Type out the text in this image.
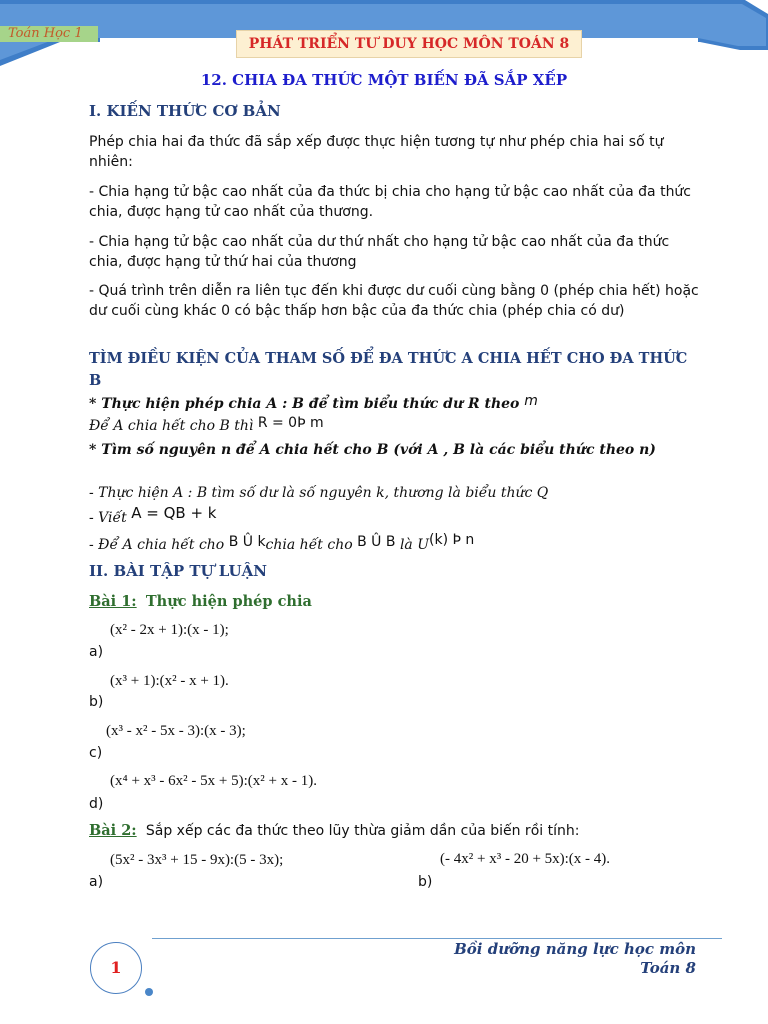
Toán Học 1
PHÁT TRIỂN TƯ DUY HỌC MÔN TOÁN 8
12. CHIA ĐA THỨC MỘT BIẾN ĐÃ SẮP XẾP
I. KIẾN THỨC CƠ BẢN
Phép chia hai đa thức đã sắp xếp được thực hiện tương tự như phép chia hai số tự nhiên:
- Chia hạng tử bậc cao nhất của đa thức bị chia cho hạng tử bậc cao nhất của đa thức chia, được hạng tử cao nhất của thương.
- Chia hạng tử bậc cao nhất của dư thứ nhất cho hạng tử bậc cao nhất của đa thức chia, được hạng tử thứ hai của thương
- Quá trình trên diễn ra liên tục đến khi được dư cuối cùng bằng 0 (phép chia hết) hoặc dư cuối cùng khác 0 có bậc thấp hơn bậc của đa thức chia (phép chia có dư)
TÌM ĐIỀU KIỆN CỦA THAM SỐ ĐỂ ĐA THỨC A CHIA HẾT CHO ĐA THỨC B
* Thực hiện phép chia A : B để tìm biểu thức dư R theo m
Để A chia hết cho B thì R = 0Þ m
* Tìm số nguyên n để A chia hết cho B (với A , B là các biểu thức theo n)
- Thực hiện A : B tìm số dư là số nguyên k, thương là biểu thức Q
- Viết A = QB + k
- Để A chia hết cho B Û kchia hết cho B Û B là U(k) Þ n
II. BÀI TẬP TỰ LUẬN
Bài 1: Thực hiện phép chia
(x² - 2x + 1):(x - 1);
a)
(x³ + 1):(x² - x + 1).
b)
(x³ - x² - 5x - 3):(x - 3);
c)
(x⁴ + x³ - 6x² - 5x + 5):(x² + x - 1).
d)
Bài 2: Sắp xếp các đa thức theo lũy thừa giảm dần của biến rồi tính:
(5x² - 3x³ + 15 - 9x):(5 - 3x);
a)
(- 4x² + x³ - 20 + 5x):(x - 4).
b)
Bồi dưỡng năng lực học môn
Toán 8
1
